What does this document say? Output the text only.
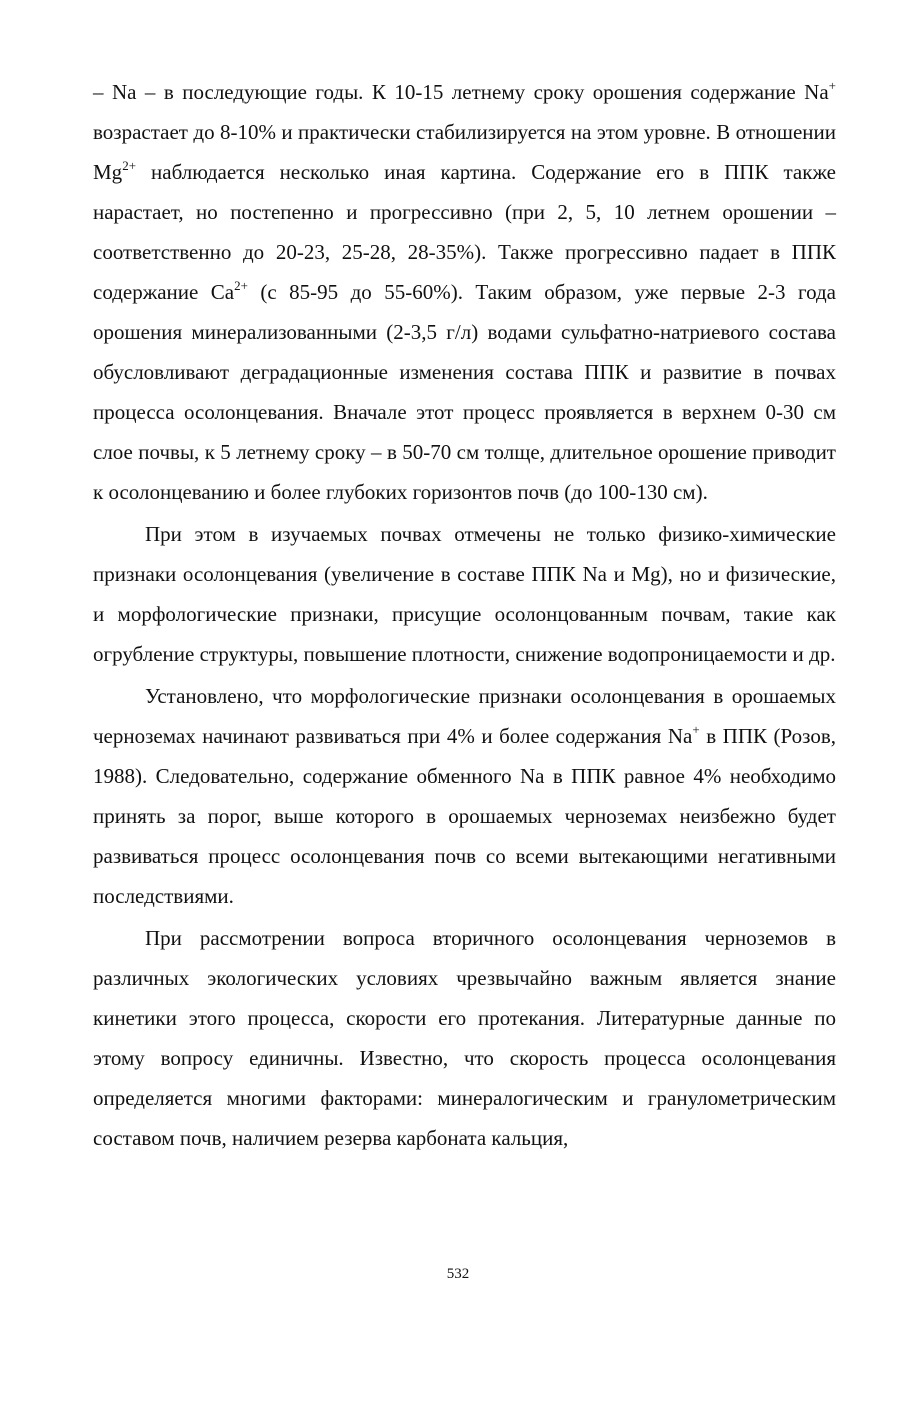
– Na – в последующие годы. К 10-15 летнему сроку орошения содержание Na+ возрастает до 8-10% и практически стабилизируется на этом уровне. В отношении $Mg^{2+}$ наблюдается несколько иная картина. Содержание его в ППК также нарастает, но постепенно и прогрессивно (при 2, 5, 10 летнем орошении – соответственно до 20-23, 25-28, 28-35%). Также прогрессивно падает в ППК содержание $Ca^{2+}$ (с 85-95 до 55-60%). Таким образом, уже первые 2-3 года орошения минерализованными (2-3,5 г/л) водами сульфатно-натриевого состава обусловливают деградационные изменения состава ППК и развитие в почвах процесса осолонцевания. Вначале этот процесс проявляется в верхнем 0-30 см слое почвы, к 5 летнему сроку – в 50-70 см толще, длительное орошение приводит к осолонцеванию и более глубоких горизонтов почв (до 100-130 см).

При этом в изучаемых почвах отмечены не только физико-химические признаки осолонцевания (увеличение в составе ППК Na и Mg), но и физические, и морфологические признаки, присущие осолонцованным почвам, такие как огрубление структуры, повышение плотности, снижение водопроницаемости и др.

Установлено, что морфологические признаки осолонцевания в орошаемых черноземах начинают развиваться при 4% и более содержания Na+ в ППК (Розов, 1988). Следовательно, содержание обменного Na в ППК равное 4% необходимо принять за порог, выше которого в орошаемых черноземах неизбежно будет развиваться процесс осолонцевания почв со всеми вытекающими негативными последствиями.

При рассмотрении вопроса вторичного осолонцевания черноземов в различных экологических условиях чрезвычайно важным является знание кинетики этого процесса, скорости его протекания. Литературные данные по этому вопросу единичны. Известно, что скорость процесса осолонцевания определяется многими факторами: минералогическим и гранулометрическим составом почв, наличием резерва карбоната кальция,

532
